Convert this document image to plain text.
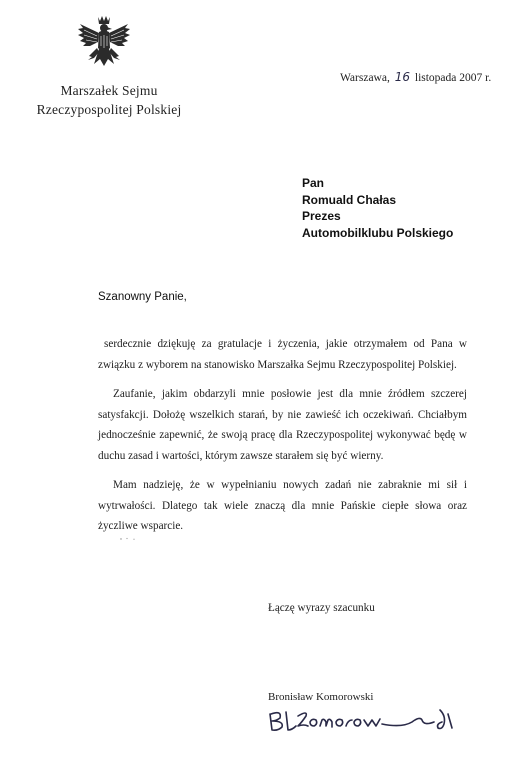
Marszałek Sejmu
Rzeczypospolitej Polskiej
Warszawa, 16 listopada 2007 r.
Pan
Romuald Chałas
Prezes
Automobilklubu Polskiego
Szanowny Panie,

serdecznie dziękuję za gratulacje i życzenia, jakie otrzymałem od Pana w związku z wyborem na stanowisko Marszałka Sejmu Rzeczypospolitej Polskiej.

Zaufanie, jakim obdarzyli mnie posłowie jest dla mnie źródłem szczerej satysfakcji. Dołożę wszelkich starań, by nie zawieść ich oczekiwań. Chciałbym jednocześnie zapewnić, że swoją pracę dla Rzeczypospolitej wykonywać będę w duchu zasad i wartości, którym zawsze starałem się być wierny.

Mam nadzieję, że w wypełnianiu nowych zadań nie zabraknie mi sił i wytrwałości. Dlatego tak wiele znaczą dla mnie Pańskie ciepłe słowa oraz życzliwe wsparcie.

Łączę wyrazy szacunku
Bronisław Komorowski
